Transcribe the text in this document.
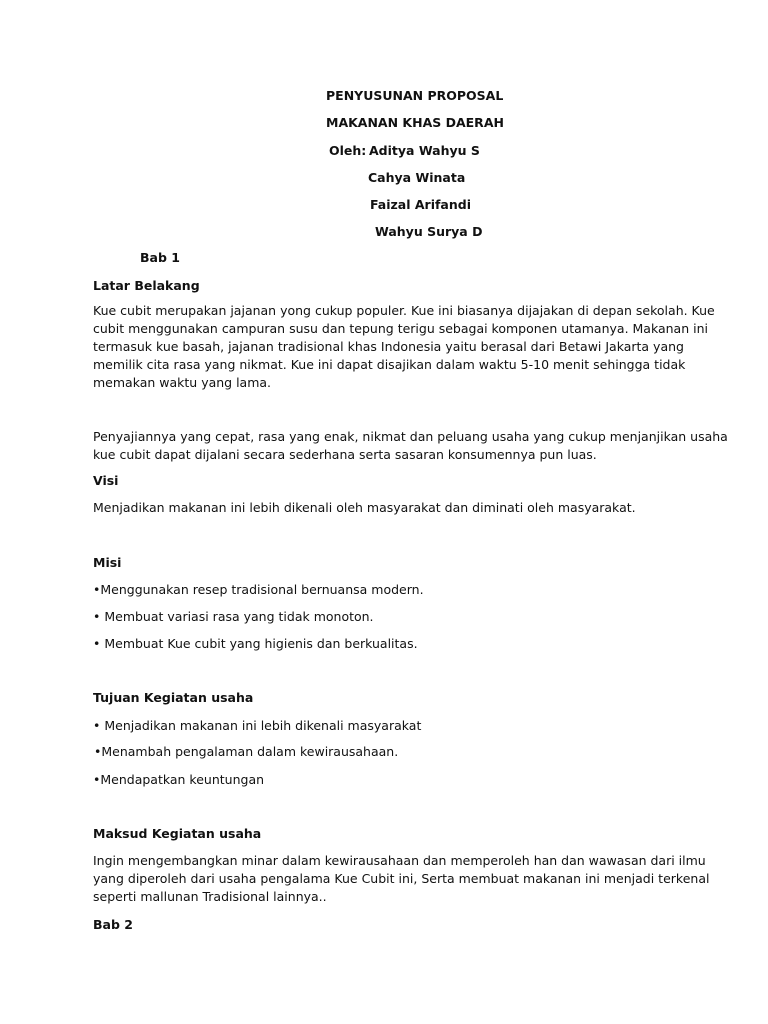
PENYUSUNAN PROPOSAL

MAKANAN KHAS DAERAH

Oleh: Aditya Wahyu S

Cahya Winata

Faizal Arifandi

Wahyu Surya D

Bab 1

Latar Belakang

Kue cubit merupakan jajanan yong cukup populer. Kue ini biasanya dijajakan di depan sekolah. Kue
cubit menggunakan campuran susu dan tepung terigu sebagai komponen utamanya. Makanan ini
termasuk kue basah, jajanan tradisional khas Indonesia yaitu berasal dari Betawi Jakarta yang
memilik cita rasa yang nikmat. Kue ini dapat disajikan dalam waktu 5-10 menit sehingga tidak
memakan waktu yang lama.
Penyajiannya yang cepat, rasa yang enak, nikmat dan peluang usaha yang cukup menjanjikan usaha
kue cubit dapat dijalani secara sederhana serta sasaran konsumennya pun luas.

Visi

Menjadikan makanan ini lebih dikenali oleh masyarakat dan diminati oleh masyarakat.

Misi

•Menggunakan resep tradisional bernuansa modern.

• Membuat variasi rasa yang tidak monoton.

• Membuat Kue cubit yang higienis dan berkualitas.

Tujuan Kegiatan usaha

• Menjadikan makanan ini lebih dikenali masyarakat

•Menambah pengalaman dalam kewirausahaan.

•Mendapatkan keuntungan

Maksud Kegiatan usaha

Ingin mengembangkan minar dalam kewirausahaan dan memperoleh han dan wawasan dari ilmu
yang diperoleh dari usaha pengalama Kue Cubit ini, Serta membuat makanan ini menjadi terkenal
seperti mallunan Tradisional lainnya..

Bab 2
